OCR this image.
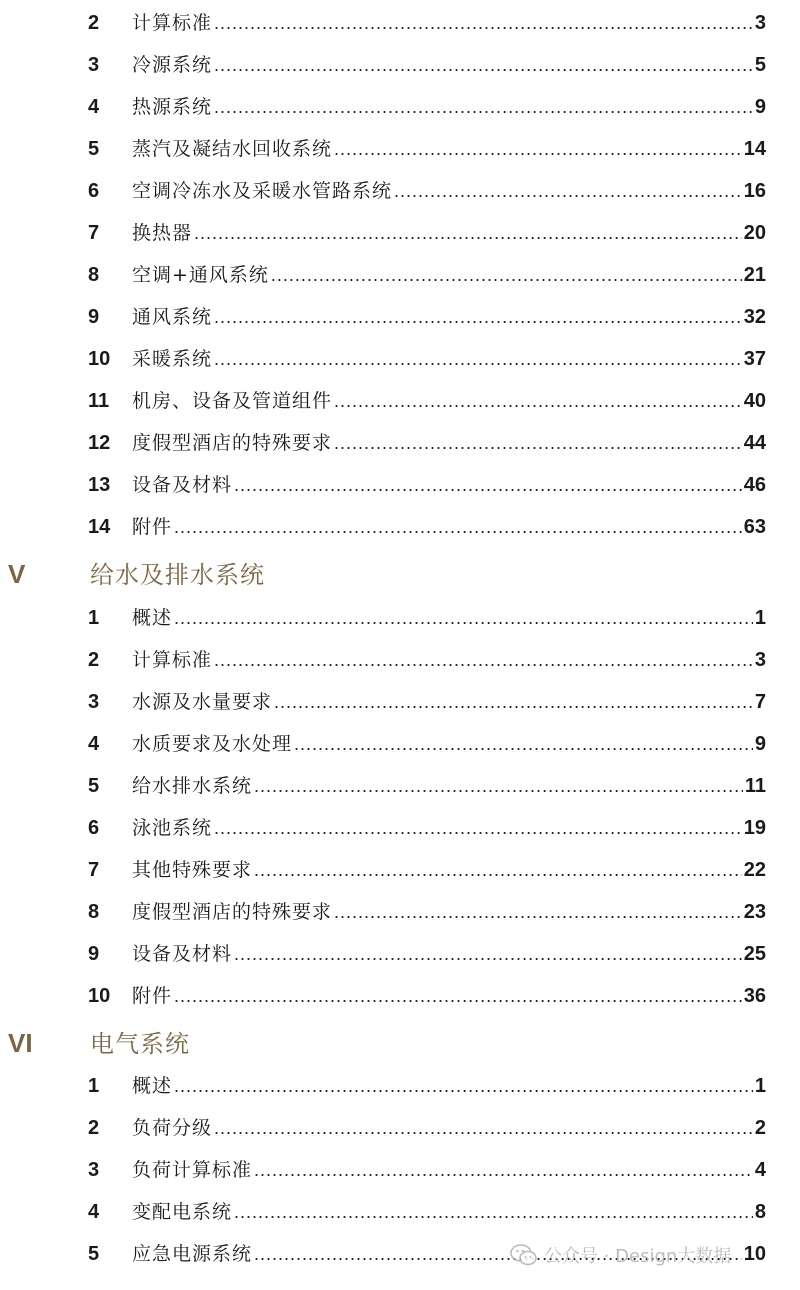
2	计算标准 .....	3
3	冷源系统 .....	5
4	热源系统 .....	9
5	蒸汽及凝结水回收系统 .....	14
6	空调冷冻水及采暖水管路系统 .....	16
7	换热器 .....	20
8	空调+通风系统 .....	21
9	通风系统 .....	32
10	采暖系统 .....	37
11	机房、设备及管道组件 .....	40
12	度假型酒店的特殊要求 .....	44
13	设备及材料 .....	46
14	附件 .....	63
V	给水及排水系统
1	概述 .....	1
2	计算标准 .....	3
3	水源及水量要求 .....	7
4	水质要求及水处理 .....	9
5	给水排水系统 .....	11
6	泳池系统 .....	19
7	其他特殊要求 .....	22
8	度假型酒店的特殊要求 .....	23
9	设备及材料 .....	25
10	附件 .....	36
VI	电气系统
1	概述 .....	1
2	负荷分级 .....	2
3	负荷计算标准 .....	4
4	变配电系统 .....	8
5	应急电源系统 .....	10
公众号 · Design大数据
